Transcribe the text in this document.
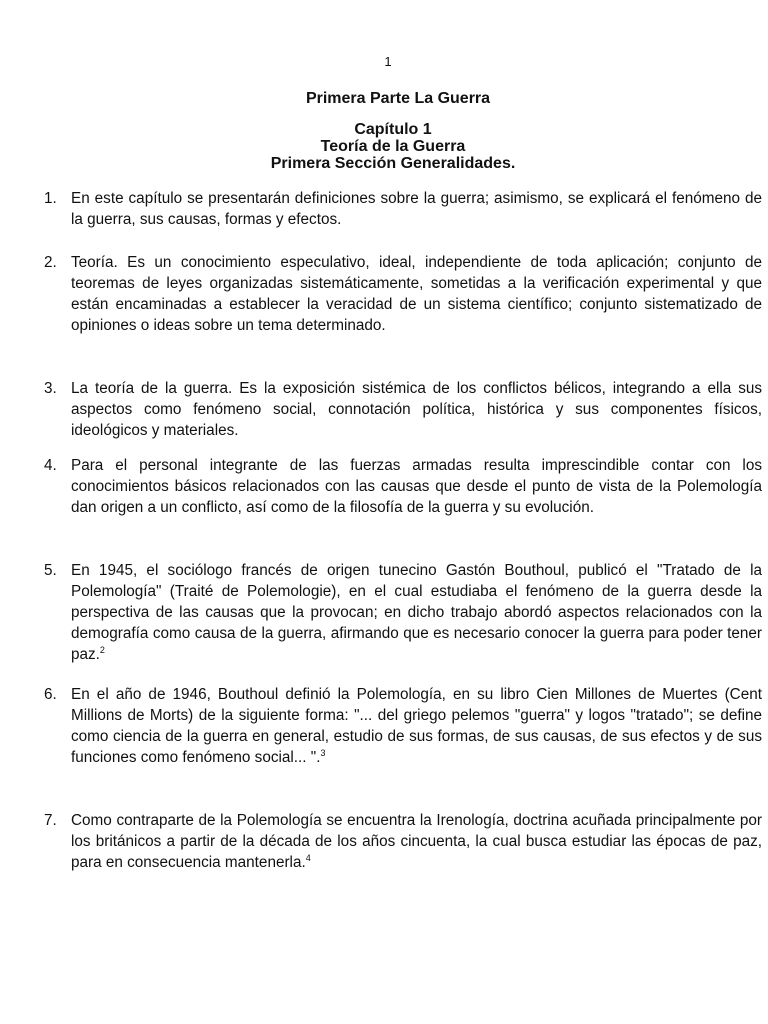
1
Primera Parte La Guerra
Capítulo 1
Teoría de la Guerra
Primera Sección Generalidades.
1. En este capítulo se presentarán definiciones sobre la guerra; asimismo, se explicará el fenómeno de la guerra, sus causas, formas y efectos.
2. Teoría. Es un conocimiento especulativo, ideal, independiente de toda aplicación; conjunto de teoremas de leyes organizadas sistemáticamente, sometidas a la verificación experimental y que están encaminadas a establecer la veracidad de un sistema científico; conjunto sistematizado de opiniones o ideas sobre un tema determinado.
3. La teoría de la guerra. Es la exposición sistémica de los conflictos bélicos, integrando a ella sus aspectos como fenómeno social, connotación política, histórica y sus componentes físicos, ideológicos y materiales.
4. Para el personal integrante de las fuerzas armadas resulta imprescindible contar con los conocimientos básicos relacionados con las causas que desde el punto de vista de la Polemología dan origen a un conflicto, así como de la filosofía de la guerra y su evolución.
5. En 1945, el sociólogo francés de origen tunecino Gastón Bouthoul, publicó el "Tratado de la Polemología" (Traité de Polemologie), en el cual estudiaba el fenómeno de la guerra desde la perspectiva de las causas que la provocan; en dicho trabajo abordó aspectos relacionados con la demografía como causa de la guerra, afirmando que es necesario conocer la guerra para poder tener paz.$^2$
6. En el año de 1946, Bouthoul definió la Polemología, en su libro Cien Millones de Muertes (Cent Millions de Morts) de la siguiente forma: "... del griego pelemos "guerra" y logos "tratado"; se define como ciencia de la guerra en general, estudio de sus formas, de sus causas, de sus efectos y de sus funciones como fenómeno social... ".$^3$
7. Como contraparte de la Polemología se encuentra la Irenología, doctrina acuñada principalmente por los británicos a partir de la década de los años cincuenta, la cual busca estudiar las épocas de paz, para en consecuencia mantenerla.$^4$
